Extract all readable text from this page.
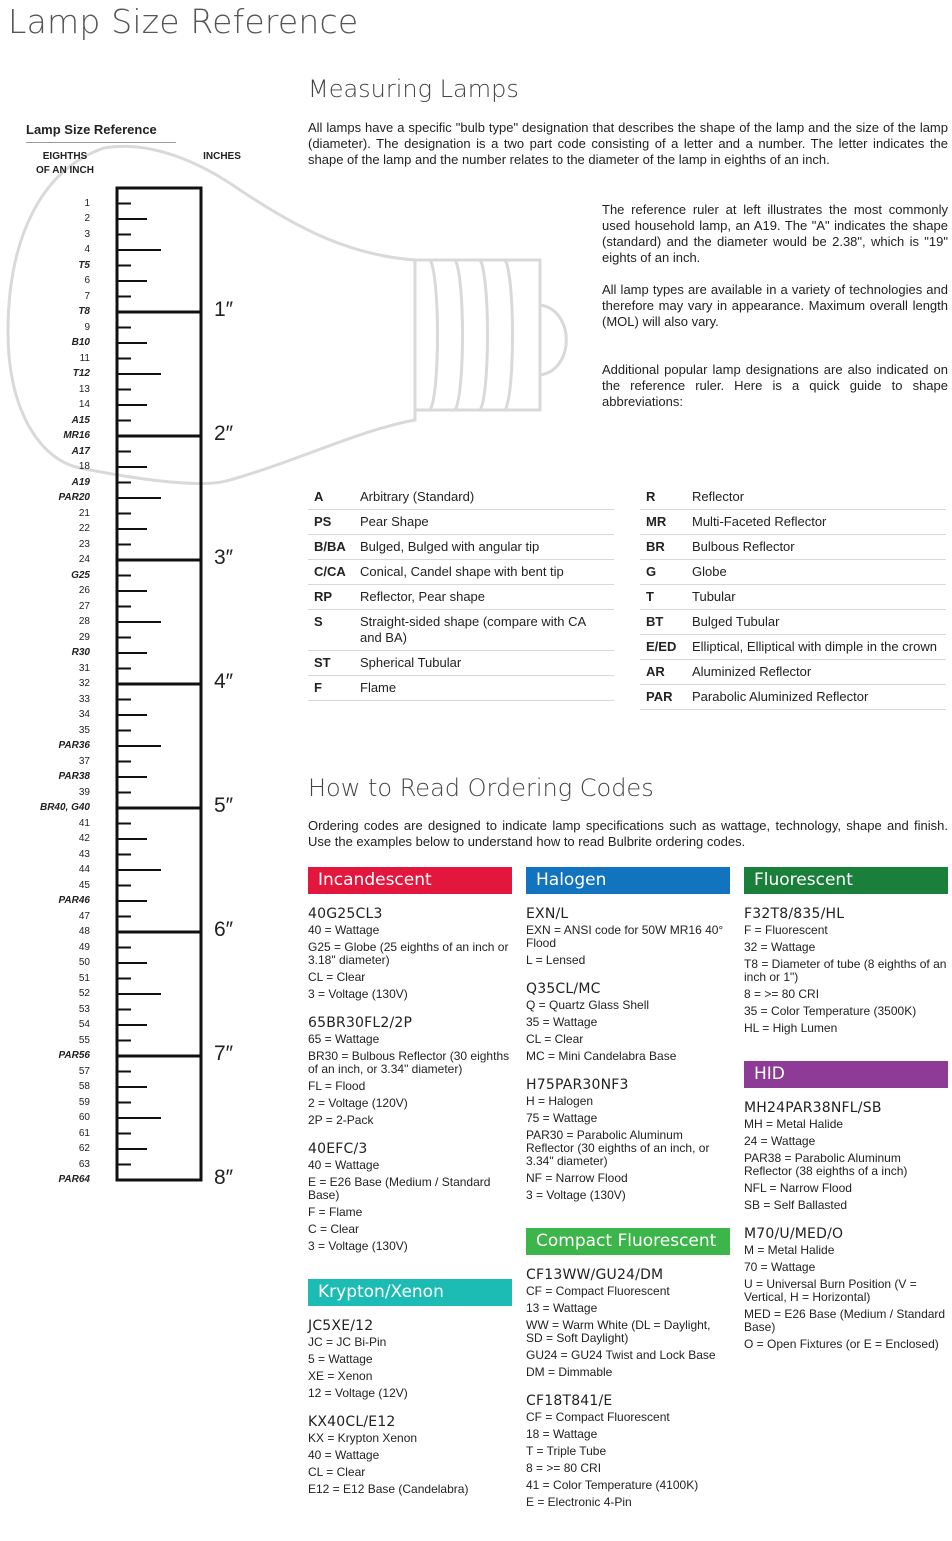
Lamp Size Reference
Lamp Size Reference
EIGHTHS
OF AN INCH
INCHES
1
2
3
4
T5
6
7
T8
9
B10
11
T12
13
14
A15
MR16
A17
18
A19
PAR20
21
22
23
24
G25
26
27
28
29
R30
31
32
33
34
35
PAR36
37
PAR38
39
BR40, G40
41
42
43
44
45
PAR46
47
48
49
50
51
52
53
54
55
PAR56
57
58
59
60
61
62
63
PAR64
1″
2″
3″
4″
5″
6″
7″
8″
Measuring Lamps
All lamps have a specific "bulb type" designation that describes the shape of the lamp and the size of the lamp (diameter). The designation is a two part code consisting of a letter and a number. The letter indicates the shape of the lamp and the number relates to the diameter of the lamp in eighths of an inch.
The reference ruler at left illustrates the most commonly used household lamp, an A19. The "A" indicates the shape (standard) and the diameter would be 2.38", which is "19" eights of an inch.
All lamp types are available in a variety of technologies and therefore may vary in appearance. Maximum overall length (MOL) will also vary.
Additional popular lamp designations are also indicated on the reference ruler. Here is a quick guide to shape abbreviations:
A	Arbitrary (Standard)
PS	Pear Shape
B/BA	Bulged, Bulged with angular tip
C/CA	Conical, Candel shape with bent tip
RP	Reflector, Pear shape
S	Straight-sided shape (compare with CA and BA)
ST	Spherical Tubular
F	Flame
R	Reflector
MR	Multi-Faceted Reflector
BR	Bulbous Reflector
G	Globe
T	Tubular
BT	Bulged Tubular
E/ED	Elliptical, Elliptical with dimple in the crown
AR	Aluminized Reflector
PAR	Parabolic Aluminized Reflector
How to Read Ordering Codes
Ordering codes are designed to indicate lamp specifications such as wattage, technology, shape and finish. Use the examples below to understand how to read Bulbrite ordering codes.
Incandescent
40G25CL3
40 = Wattage
G25 = Globe (25 eighths of an inch or 3.18" diameter)
CL = Clear
3 = Voltage (130V)
65BR30FL2/2P
65 = Wattage
BR30 = Bulbous Reflector (30 eighths of an inch, or 3.34" diameter)
FL = Flood
2 = Voltage (120V)
2P = 2-Pack
40EFC/3
40 = Wattage
E = E26 Base (Medium / Standard Base)
F = Flame
C = Clear
3 = Voltage (130V)
Krypton/Xenon
JC5XE/12
JC = JC Bi-Pin
5 = Wattage
XE = Xenon
12 = Voltage (12V)
KX40CL/E12
KX = Krypton Xenon
40 = Wattage
CL = Clear
E12 = E12 Base (Candelabra)
Halogen
EXN/L
EXN = ANSI code for 50W MR16 40° Flood
L = Lensed
Q35CL/MC
Q = Quartz Glass Shell
35 = Wattage
CL = Clear
MC = Mini Candelabra Base
H75PAR30NF3
H = Halogen
75 = Wattage
PAR30 = Parabolic Aluminum Reflector (30 eighths of an inch, or 3.34" diameter)
NF = Narrow Flood
3 = Voltage (130V)
Compact Fluorescent
CF13WW/GU24/DM
CF = Compact Fluorescent
13 = Wattage
WW = Warm White (DL = Daylight, SD = Soft Daylight)
GU24 = GU24 Twist and Lock Base
DM = Dimmable
CF18T841/E
CF = Compact Fluorescent
18 = Wattage
T = Triple Tube
8 = >= 80 CRI
41 = Color Temperature (4100K)
E = Electronic 4-Pin
Fluorescent
F32T8/835/HL
F = Fluorescent
32 = Wattage
T8 = Diameter of tube (8 eighths of an inch or 1")
8 = >= 80 CRI
35 = Color Temperature (3500K)
HL = High Lumen
HID
MH24PAR38NFL/SB
MH = Metal Halide
24 = Wattage
PAR38 = Parabolic Aluminum Reflector (38 eighths of a inch)
NFL = Narrow Flood
SB = Self Ballasted
M70/U/MED/O
M = Metal Halide
70 = Wattage
U = Universal Burn Position (V = Vertical, H = Horizontal)
MED = E26 Base (Medium / Standard Base)
O = Open Fixtures (or E = Enclosed)
